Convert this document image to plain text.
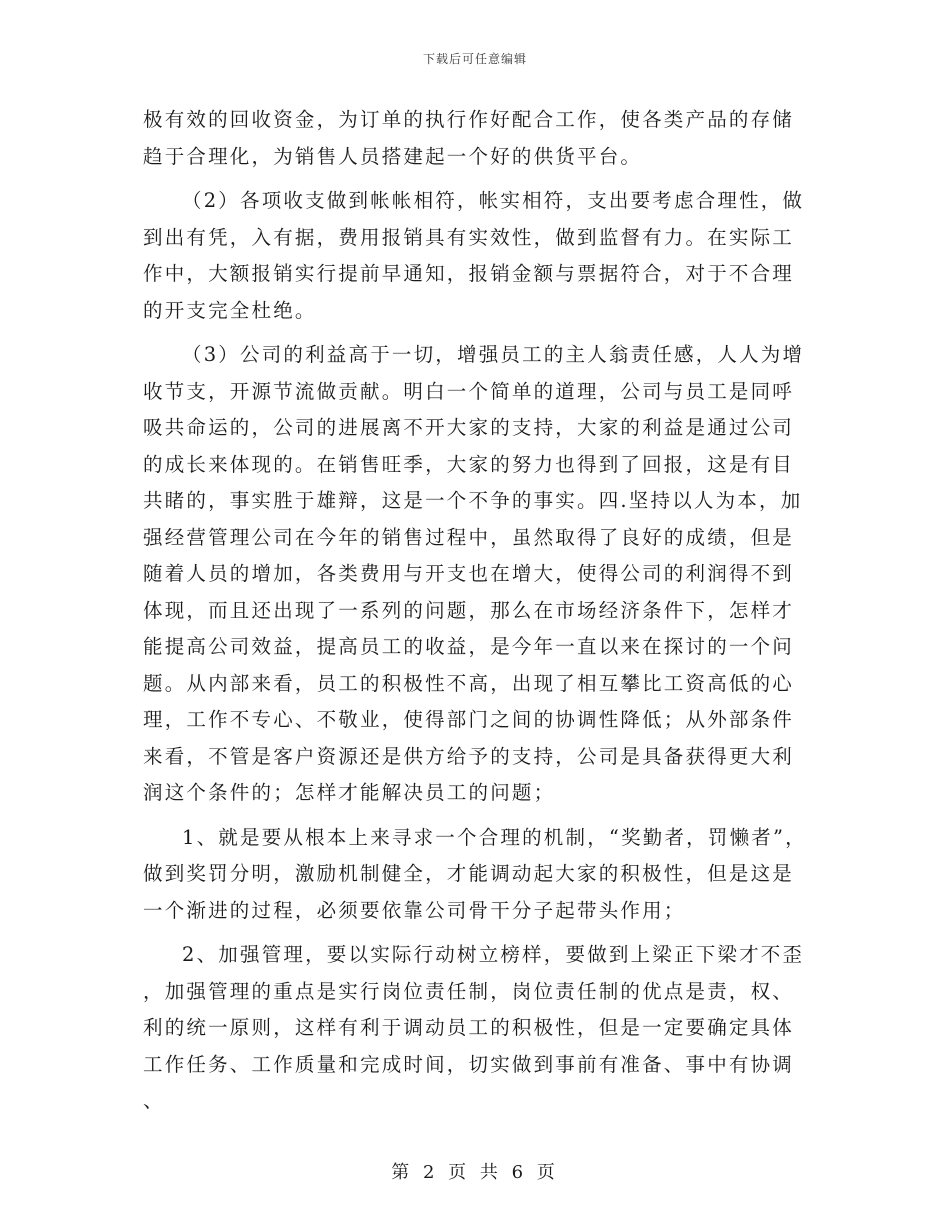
下载后可任意编辑

极有效的回收资金，为订单的执行作好配合工作，使各类产品的存储趋于合理化，为销售人员搭建起一个好的供货平台。

（2）各项收支做到帐帐相符，帐实相符，支出要考虑合理性，做到出有凭，入有据，费用报销具有实效性，做到监督有力。在实际工作中，大额报销实行提前早通知，报销金额与票据符合，对于不合理的开支完全杜绝。

（3）公司的利益高于一切，增强员工的主人翁责任感，人人为增收节支，开源节流做贡献。明白一个简单的道理，公司与员工是同呼吸共命运的，公司的进展离不开大家的支持，大家的利益是通过公司的成长来体现的。在销售旺季，大家的努力也得到了回报，这是有目共睹的，事实胜于雄辩，这是一个不争的事实。四.坚持以人为本，加强经营管理公司在今年的销售过程中，虽然取得了良好的成绩，但是随着人员的增加，各类费用与开支也在增大，使得公司的利润得不到体现，而且还出现了一系列的问题，那么在市场经济条件下，怎样才能提高公司效益，提高员工的收益，是今年一直以来在探讨的一个问题。从内部来看，员工的积极性不高，出现了相互攀比工资高低的心理，工作不专心、不敬业，使得部门之间的协调性降低；从外部条件来看，不管是客户资源还是供方给予的支持，公司是具备获得更大利润这个条件的；怎样才能解决员工的问题；

1、就是要从根本上来寻求一个合理的机制，“奖勤者，罚懒者”，做到奖罚分明，激励机制健全，才能调动起大家的积极性，但是这是一个渐进的过程，必须要依靠公司骨干分子起带头作用；

2、加强管理，要以实际行动树立榜样，要做到上梁正下梁才不歪，加强管理的重点是实行岗位责任制，岗位责任制的优点是责，权、利的统一原则，这样有利于调动员工的积极性，但是一定要确定具体工作任务、工作质量和完成时间，切实做到事前有准备、事中有协调、

第 2 页 共 6 页
